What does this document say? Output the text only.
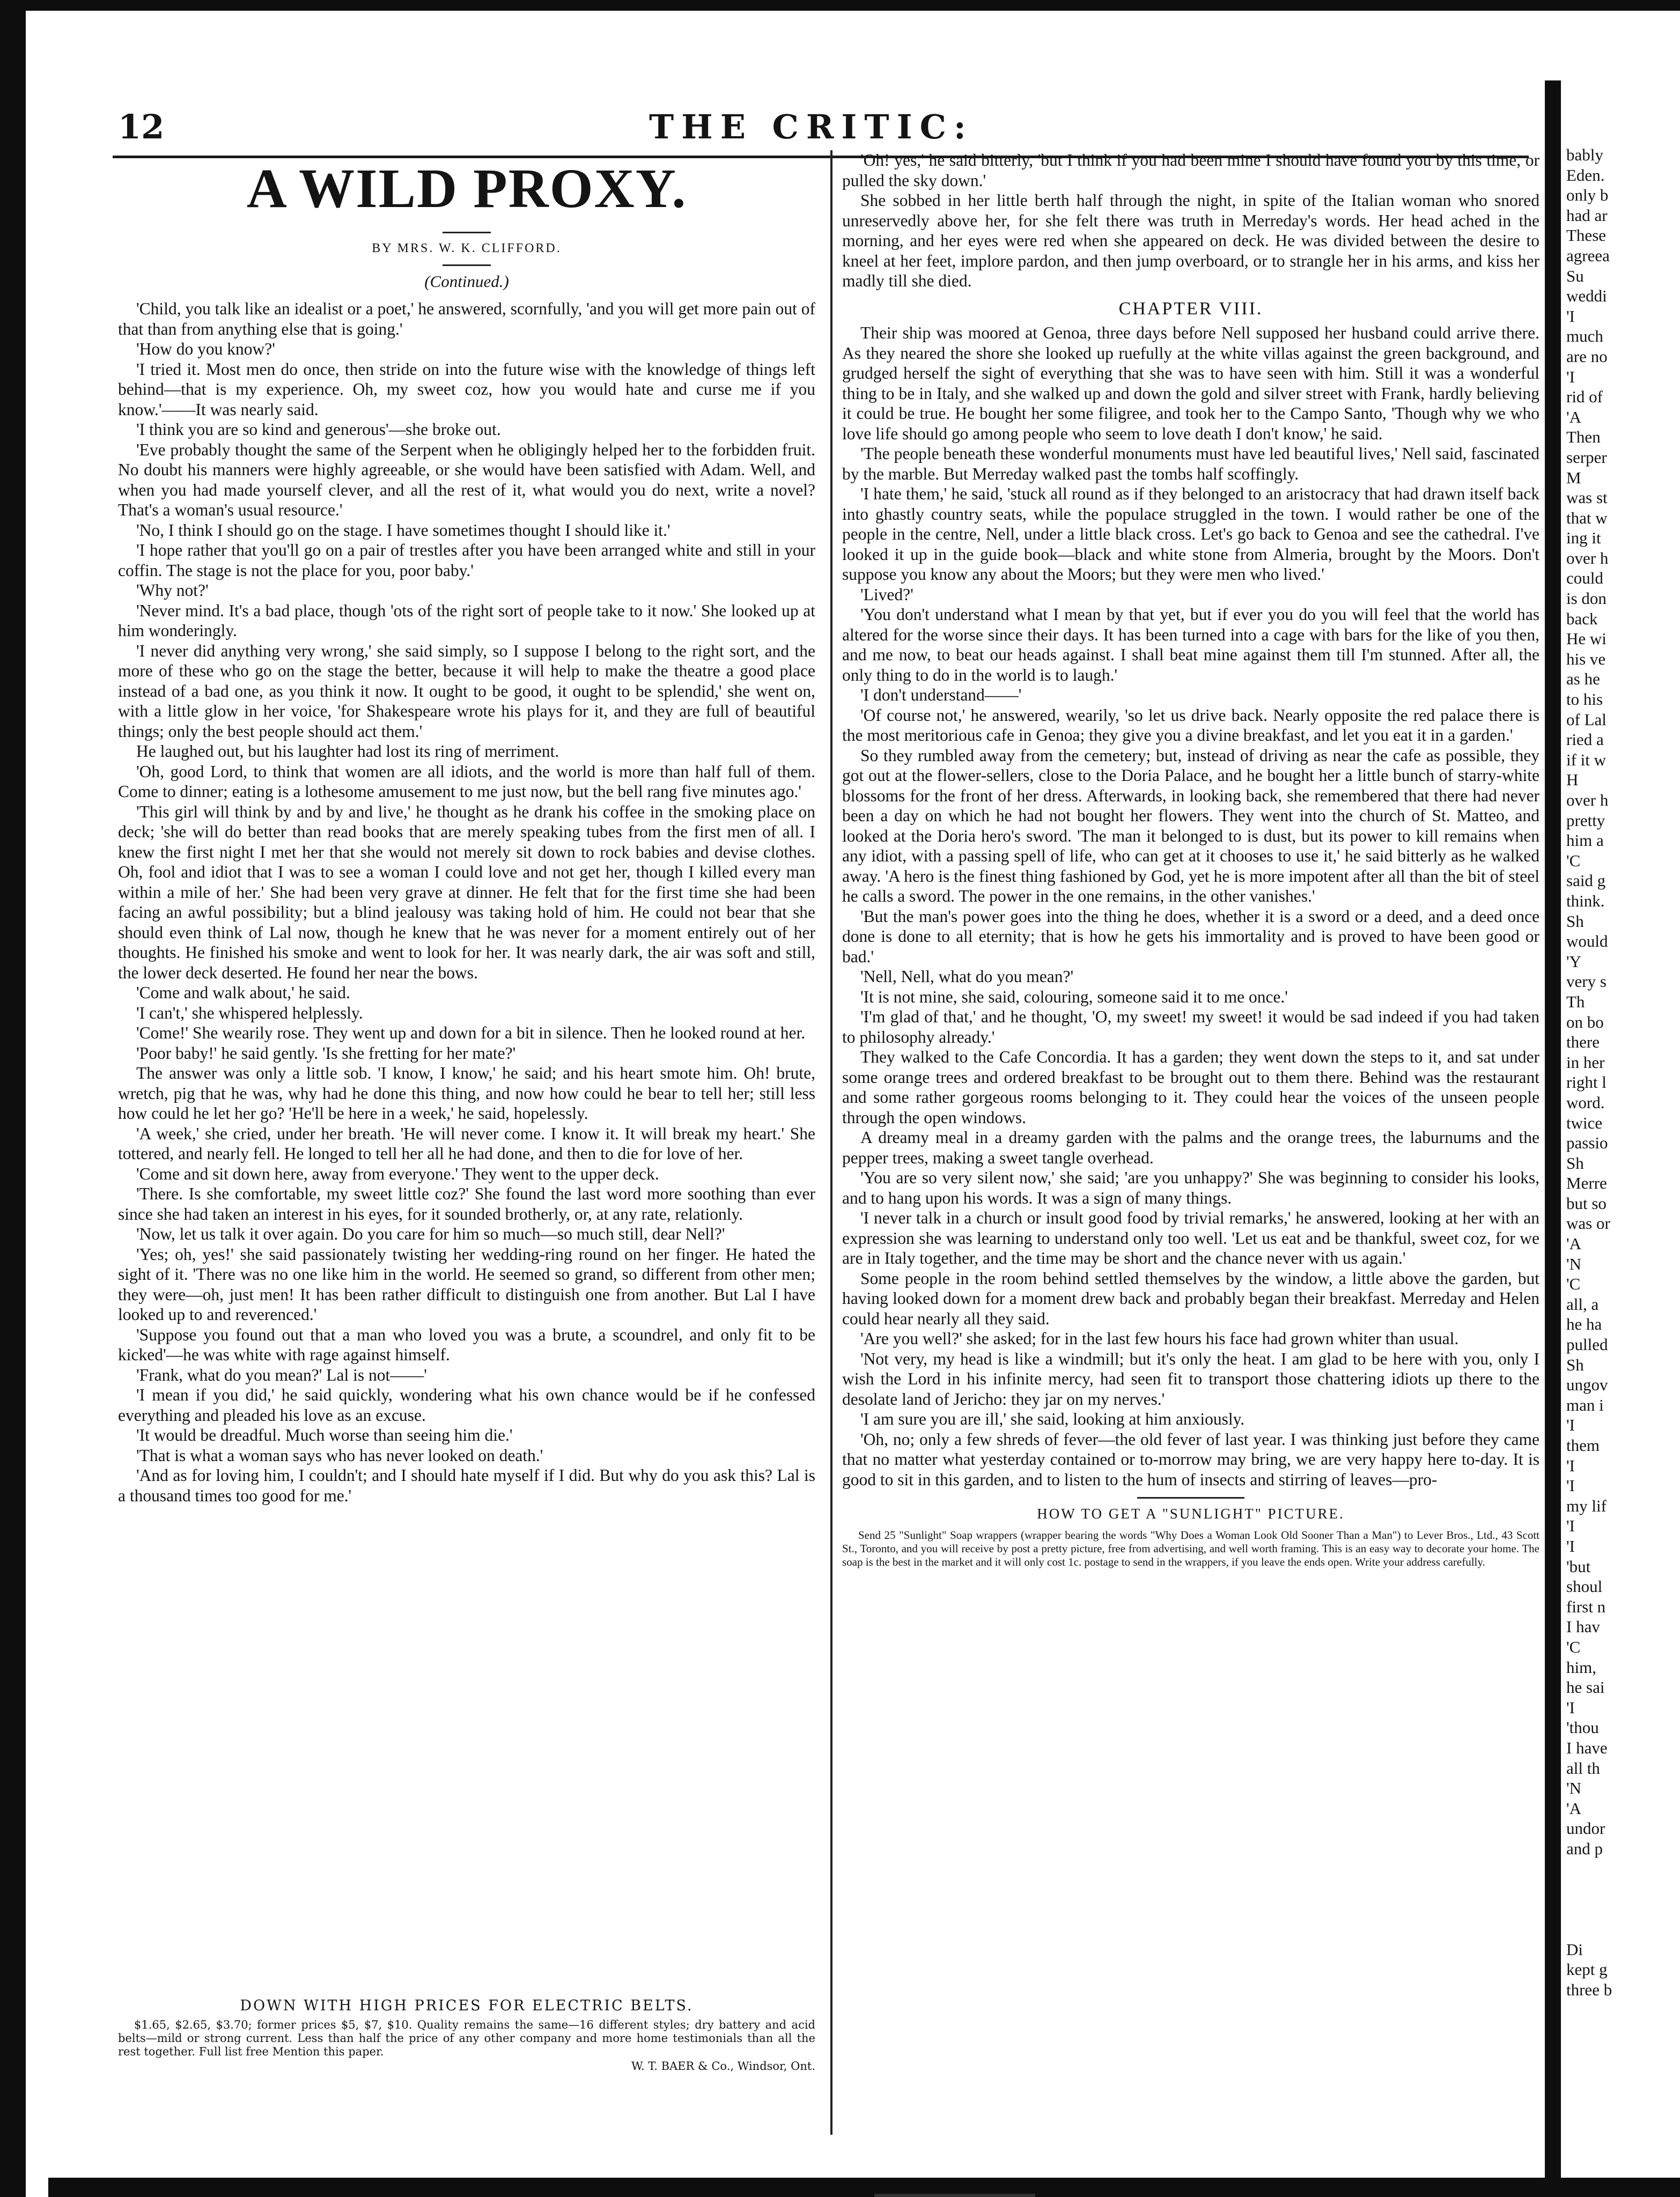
bably
Eden.
only b
had ar
These
agreea
Su
weddi
'I
much
are no
'I
rid of
'A
Then
serper
M
was st
that w
ing it
over h
could
is don
back
He wi
his ve
as he
to his
of Lal
ried a
if it w
H
over h
pretty
him a
'C
said g
think.
Sh
would
'Y
very s
Th
on bo
there
in her
right l
word.
twice
passio
Sh
Merre
but so
was or
'A
'N
'C
all, a
he ha
pulled
Sh
ungov
man i
'I
them
'I
'I
my lif
'I
'I
'but
shoul
first n
I hav
'C
him,
he sai
'I
'thou
I have
all th
'N
'A
undor
and p

Di
kept g
three b
12	THE CRITIC:
A WILD PROXY.
BY MRS. W. K. CLIFFORD.
(Continued.)

'Child, you talk like an idealist or a poet,' he answered, scornfully, 'and you will get more pain out of that than from anything else that is going.'

'How do you know?'

'I tried it. Most men do once, then stride on into the future wise with the knowledge of things left behind—that is my experience. Oh, my sweet coz, how you would hate and curse me if you know.'——It was nearly said.

'I think you are so kind and generous'—she broke out.

'Eve probably thought the same of the Serpent when he obligingly helped her to the forbidden fruit. No doubt his manners were highly agreeable, or she would have been satisfied with Adam. Well, and when you had made yourself clever, and all the rest of it, what would you do next, write a novel? That's a woman's usual resource.'

'No, I think I should go on the stage. I have sometimes thought I should like it.'

'I hope rather that you'll go on a pair of trestles after you have been arranged white and still in your coffin. The stage is not the place for you, poor baby.'

'Why not?'

'Never mind. It's a bad place, though 'ots of the right sort of people take to it now.' She looked up at him wonderingly.

'I never did anything very wrong,' she said simply, so I suppose I belong to the right sort, and the more of these who go on the stage the better, because it will help to make the theatre a good place instead of a bad one, as you think it now. It ought to be good, it ought to be splendid,' she went on, with a little glow in her voice, 'for Shakespeare wrote his plays for it, and they are full of beautiful things; only the best people should act them.'

He laughed out, but his laughter had lost its ring of merriment.

'Oh, good Lord, to think that women are all idiots, and the world is more than half full of them. Come to dinner; eating is a lothesome amusement to me just now, but the bell rang five minutes ago.'

'This girl will think by and by and live,' he thought as he drank his coffee in the smoking place on deck; 'she will do better than read books that are merely speaking tubes from the first men of all. I knew the first night I met her that she would not merely sit down to rock babies and devise clothes. Oh, fool and idiot that I was to see a woman I could love and not get her, though I killed every man within a mile of her.' She had been very grave at dinner. He felt that for the first time she had been facing an awful possibility; but a blind jealousy was taking hold of him. He could not bear that she should even think of Lal now, though he knew that he was never for a moment entirely out of her thoughts. He finished his smoke and went to look for her. It was nearly dark, the air was soft and still, the lower deck deserted. He found her near the bows.

'Come and walk about,' he said.

'I can't,' she whispered helplessly.

'Come!' She wearily rose. They went up and down for a bit in silence. Then he looked round at her.

'Poor baby!' he said gently. 'Is she fretting for her mate?'

The answer was only a little sob. 'I know, I know,' he said; and his heart smote him. Oh! brute, wretch, pig that he was, why had he done this thing, and now how could he bear to tell her; still less how could he let her go? 'He'll be here in a week,' he said, hopelessly.

'A week,' she cried, under her breath. 'He will never come. I know it. It will break my heart.' She tottered, and nearly fell. He longed to tell her all he had done, and then to die for love of her.

'Come and sit down here, away from everyone.' They went to the upper deck.

'There. Is she comfortable, my sweet little coz?' She found the last word more soothing than ever since she had taken an interest in his eyes, for it sounded brotherly, or, at any rate, relationly.

'Now, let us talk it over again. Do you care for him so much—so much still, dear Nell?'

'Yes; oh, yes!' she said passionately twisting her wedding-ring round on her finger. He hated the sight of it. 'There was no one like him in the world. He seemed so grand, so different from other men; they were—oh, just men! It has been rather difficult to distinguish one from another. But Lal I have looked up to and reverenced.'

'Suppose you found out that a man who loved you was a brute, a scoundrel, and only fit to be kicked'—he was white with rage against himself.

'Frank, what do you mean?' Lal is not——'

'I mean if you did,' he said quickly, wondering what his own chance would be if he confessed everything and pleaded his love as an excuse.

'It would be dreadful. Much worse than seeing him die.'

'That is what a woman says who has never looked on death.'

'And as for loving him, I couldn't; and I should hate myself if I did. But why do you ask this? Lal is a thousand times too good for me.'

DOWN WITH HIGH PRICES FOR ELECTRIC BELTS.

$1.65, $2.65, $3.70; former prices $5, $7, $10. Quality remains the same—16 different styles; dry battery and acid belts—mild or strong current. Less than half the price of any other company and more home testimonials than all the rest together. Full list free Mention this paper.

W. T. BAER & Co., Windsor, Ont.

'Oh! yes,' he said bitterly, 'but I think if you had been mine I should have found you by this time, or pulled the sky down.'

She sobbed in her little berth half through the night, in spite of the Italian woman who snored unreservedly above her, for she felt there was truth in Merreday's words. Her head ached in the morning, and her eyes were red when she appeared on deck. He was divided between the desire to kneel at her feet, implore pardon, and then jump overboard, or to strangle her in his arms, and kiss her madly till she died.

CHAPTER VIII.

Their ship was moored at Genoa, three days before Nell supposed her husband could arrive there. As they neared the shore she looked up ruefully at the white villas against the green background, and grudged herself the sight of everything that she was to have seen with him. Still it was a wonderful thing to be in Italy, and she walked up and down the gold and silver street with Frank, hardly believing it could be true. He bought her some filigree, and took her to the Campo Santo, 'Though why we who love life should go among people who seem to love death I don't know,' he said.

'The people beneath these wonderful monuments must have led beautiful lives,' Nell said, fascinated by the marble. But Merreday walked past the tombs half scoffingly.

'I hate them,' he said, 'stuck all round as if they belonged to an aristocracy that had drawn itself back into ghastly country seats, while the populace struggled in the town. I would rather be one of the people in the centre, Nell, under a little black cross. Let's go back to Genoa and see the cathedral. I've looked it up in the guide book—black and white stone from Almeria, brought by the Moors. Don't suppose you know any about the Moors; but they were men who lived.'

'Lived?'

'You don't understand what I mean by that yet, but if ever you do you will feel that the world has altered for the worse since their days. It has been turned into a cage with bars for the like of you then, and me now, to beat our heads against. I shall beat mine against them till I'm stunned. After all, the only thing to do in the world is to laugh.'

'I don't understand——'

'Of course not,' he answered, wearily, 'so let us drive back. Nearly opposite the red palace there is the most meritorious cafe in Genoa; they give you a divine breakfast, and let you eat it in a garden.'

So they rumbled away from the cemetery; but, instead of driving as near the cafe as possible, they got out at the flower-sellers, close to the Doria Palace, and he bought her a little bunch of starry-white blossoms for the front of her dress. Afterwards, in looking back, she remembered that there had never been a day on which he had not bought her flowers. They went into the church of St. Matteo, and looked at the Doria hero's sword. 'The man it belonged to is dust, but its power to kill remains when any idiot, with a passing spell of life, who can get at it chooses to use it,' he said bitterly as he walked away. 'A hero is the finest thing fashioned by God, yet he is more impotent after all than the bit of steel he calls a sword. The power in the one remains, in the other vanishes.'

'But the man's power goes into the thing he does, whether it is a sword or a deed, and a deed once done is done to all eternity; that is how he gets his immortality and is proved to have been good or bad.'

'Nell, Nell, what do you mean?'

'It is not mine, she said, colouring, someone said it to me once.'

'I'm glad of that,' and he thought, 'O, my sweet! my sweet! it would be sad indeed if you had taken to philosophy already.'

They walked to the Cafe Concordia. It has a garden; they went down the steps to it, and sat under some orange trees and ordered breakfast to be brought out to them there. Behind was the restaurant and some rather gorgeous rooms belonging to it. They could hear the voices of the unseen people through the open windows.

A dreamy meal in a dreamy garden with the palms and the orange trees, the laburnums and the pepper trees, making a sweet tangle overhead.

'You are so very silent now,' she said; 'are you unhappy?' She was beginning to consider his looks, and to hang upon his words. It was a sign of many things.

'I never talk in a church or insult good food by trivial remarks,' he answered, looking at her with an expression she was learning to understand only too well. 'Let us eat and be thankful, sweet coz, for we are in Italy together, and the time may be short and the chance never with us again.'

Some people in the room behind settled themselves by the window, a little above the garden, but having looked down for a moment drew back and probably began their breakfast. Merreday and Helen could hear nearly all they said.

'Are you well?' she asked; for in the last few hours his face had grown whiter than usual.

'Not very, my head is like a windmill; but it's only the heat. I am glad to be here with you, only I wish the Lord in his infinite mercy, had seen fit to transport those chattering idiots up there to the desolate land of Jericho: they jar on my nerves.'

'I am sure you are ill,' she said, looking at him anxiously.

'Oh, no; only a few shreds of fever—the old fever of last year. I was thinking just before they came that no matter what yesterday contained or to-morrow may bring, we are very happy here to-day. It is good to sit in this garden, and to listen to the hum of insects and stirring of leaves—pro-

HOW TO GET A "SUNLIGHT" PICTURE.

Send 25 "Sunlight" Soap wrappers (wrapper bearing the words "Why Does a Woman Look Old Sooner Than a Man") to Lever Bros., Ltd., 43 Scott St., Toronto, and you will receive by post a pretty picture, free from advertising, and well worth framing. This is an easy way to decorate your home. The soap is the best in the market and it will only cost 1c. postage to send in the wrappers, if you leave the ends open. Write your address carefully.
